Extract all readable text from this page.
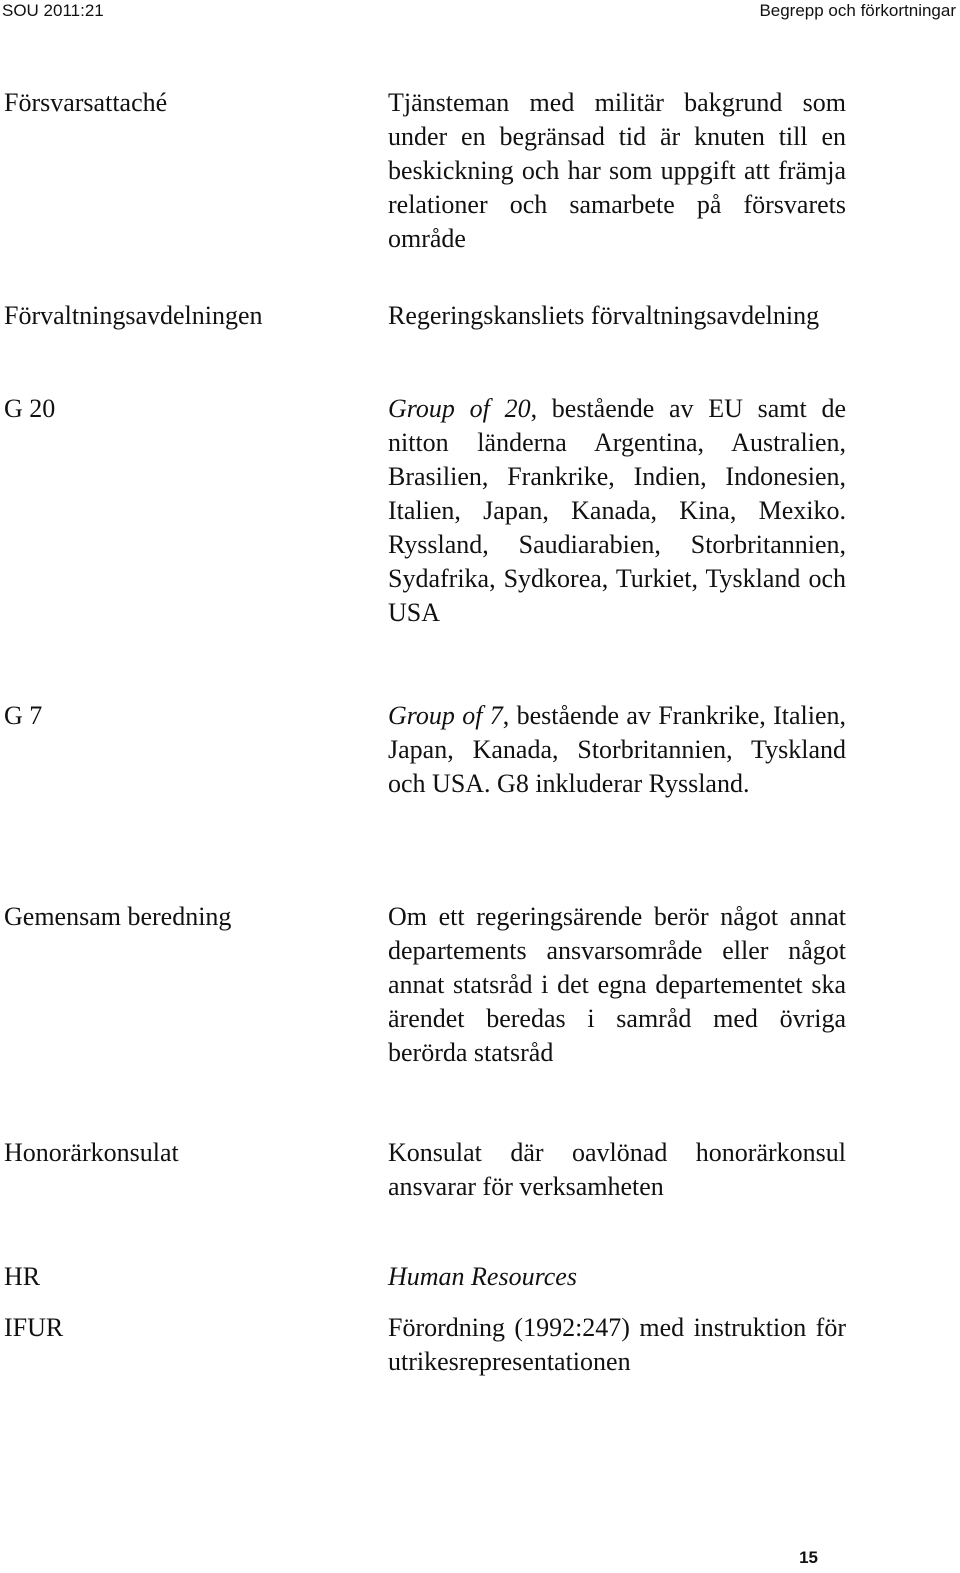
SOU 2011:21	Begrepp och förkortningar
Försvarsattaché	Tjänsteman med militär bakgrund som under en begränsad tid är knuten till en beskickning och har som uppgift att främja relationer och samarbete på försvarets område
Förvaltningsavdelningen	Regeringskansliets förvaltningsavdelning
G 20	Group of 20, bestående av EU samt de nitton länderna Argentina, Australien, Brasilien, Frankrike, Indien, Indonesien, Italien, Japan, Kanada, Kina, Mexiko. Ryssland, Saudiarabien, Storbritannien, Sydafrika, Sydkorea, Turkiet, Tyskland och USA
G 7	Group of 7, bestående av Frankrike, Italien, Japan, Kanada, Storbritannien, Tyskland och USA. G8 inkluderar Ryssland.
Gemensam beredning	Om ett regeringsärende berör något annat departements ansvarsområde eller något annat statsråd i det egna departementet ska ärendet beredas i samråd med övriga berörda statsråd
Honorärkonsulat	Konsulat där oavlönad honorärkonsul ansvarar för verksamheten
HR	Human Resources
IFUR	Förordning (1992:247) med instruktion för utrikesrepresentationen
15
